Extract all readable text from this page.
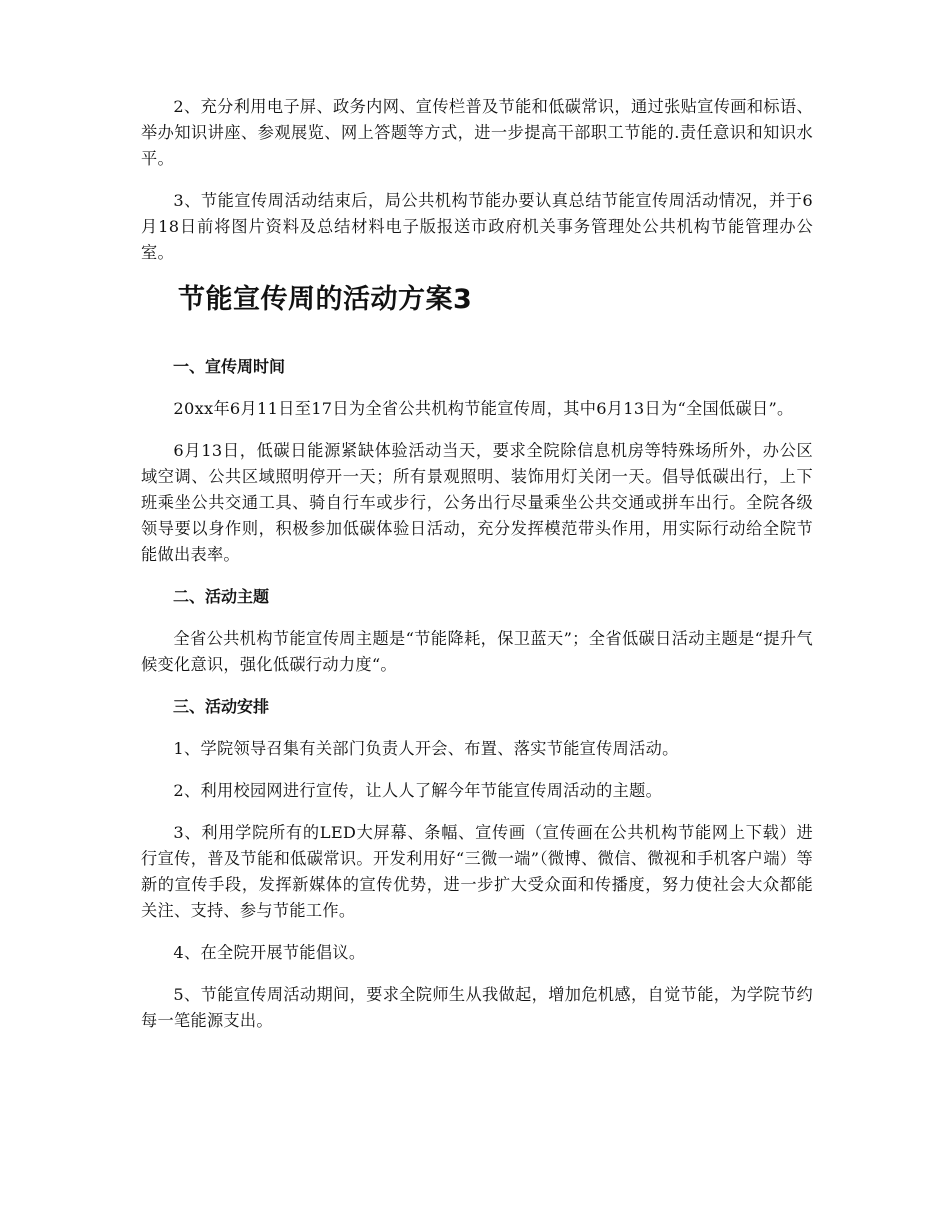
2、充分利用电子屏、政务内网、宣传栏普及节能和低碳常识，通过张贴宣传画和标语、举办知识讲座、参观展览、网上答题等方式，进一步提高干部职工节能的.责任意识和知识水平。

3、节能宣传周活动结束后，局公共机构节能办要认真总结节能宣传周活动情况，并于6月18日前将图片资料及总结材料电子版报送市政府机关事务管理处公共机构节能管理办公室。

节能宣传周的活动方案3
一、宣传周时间

20xx年6月11日至17日为全省公共机构节能宣传周，其中6月13日为“全国低碳日”。

6月13日，低碳日能源紧缺体验活动当天，要求全院除信息机房等特殊场所外，办公区域空调、公共区域照明停开一天；所有景观照明、装饰用灯关闭一天。倡导低碳出行，上下班乘坐公共交通工具、骑自行车或步行，公务出行尽量乘坐公共交通或拼车出行。全院各级领导要以身作则，积极参加低碳体验日活动，充分发挥模范带头作用，用实际行动给全院节能做出表率。

二、活动主题

全省公共机构节能宣传周主题是“节能降耗，保卫蓝天”；全省低碳日活动主题是“提升气候变化意识，强化低碳行动力度“。

三、活动安排

1、学院领导召集有关部门负责人开会、布置、落实节能宣传周活动。

2、利用校园网进行宣传，让人人了解今年节能宣传周活动的主题。

3、利用学院所有的LED大屏幕、条幅、宣传画（宣传画在公共机构节能网上下载）进行宣传，普及节能和低碳常识。开发利用好“三微一端”（微博、微信、微视和手机客户端）等新的宣传手段，发挥新媒体的宣传优势，进一步扩大受众面和传播度，努力使社会大众都能关注、支持、参与节能工作。

4、在全院开展节能倡议。

5、节能宣传周活动期间，要求全院师生从我做起，增加危机感，自觉节能，为学院节约每一笔能源支出。
